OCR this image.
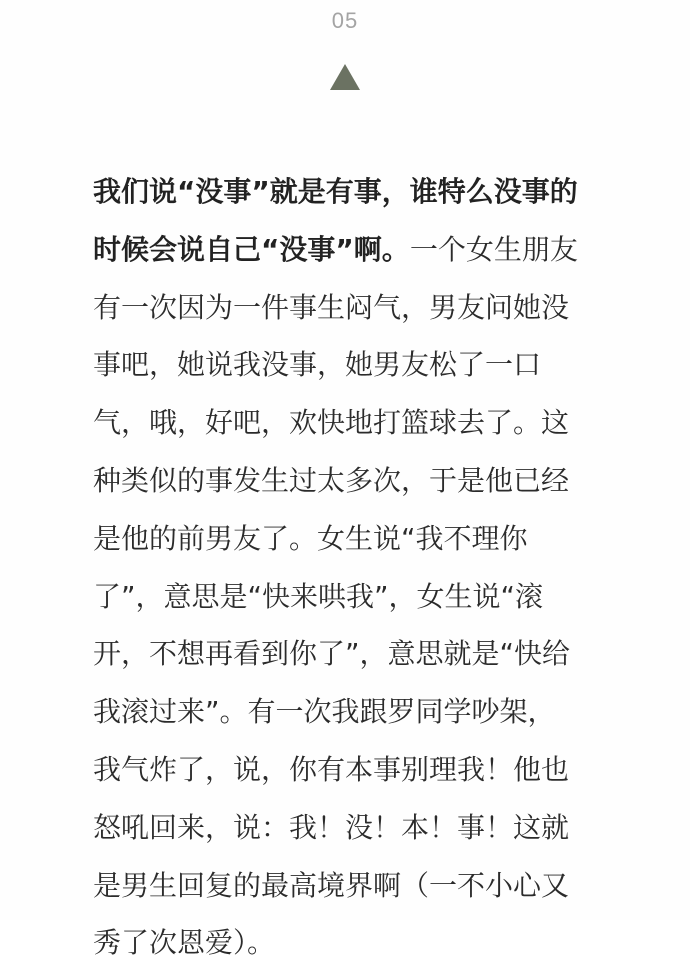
05
我们说“没事”就是有事，谁特么没事的
时候会说自己“没事”啊。一个女生朋友
有一次因为一件事生闷气，男友问她没
事吧，她说我没事，她男友松了一口
气，哦，好吧，欢快地打篮球去了。这
种类似的事发生过太多次，于是他已经
是他的前男友了。女生说“我不理你
了”，意思是“快来哄我”，女生说“滚
开，不想再看到你了”，意思就是“快给
我滚过来”。有一次我跟罗同学吵架，
我气炸了，说，你有本事别理我！他也
怒吼回来，说：我！没！本！事！这就
是男生回复的最高境界啊（一不小心又
秀了次恩爱）。
